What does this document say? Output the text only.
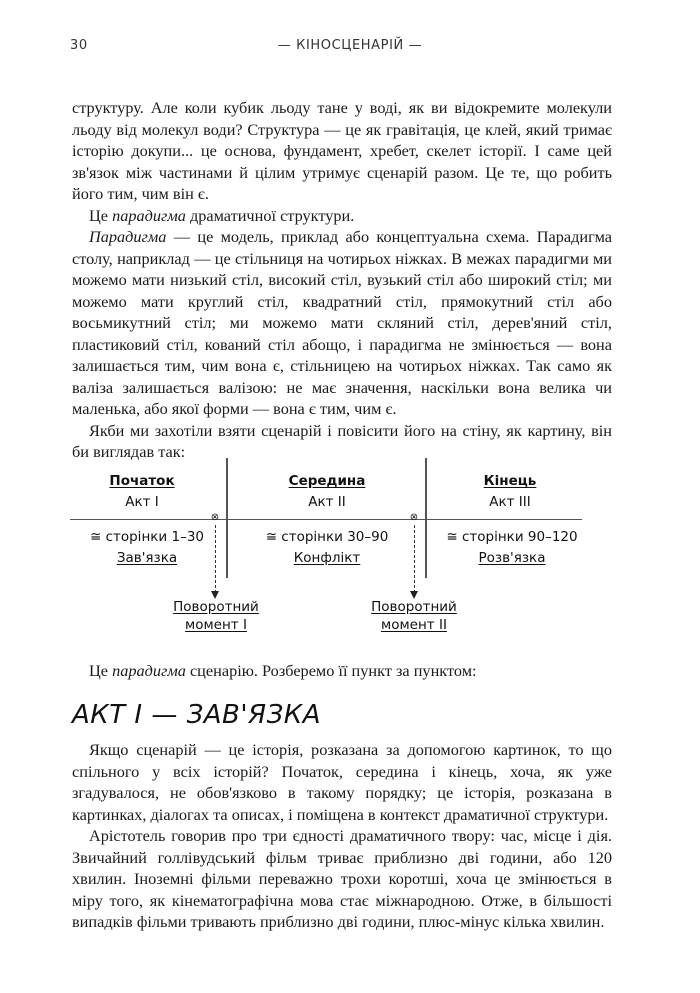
30	— КІНОСЦЕНАРІЙ —

структуру. Але коли кубик льоду тане у воді, як ви відокремите молекули льоду від молекул води? Структура — це як гравітація, це клей, який тримає історію докупи... це основа, фундамент, хребет, скелет історії. І саме цей зв'язок між частинами й цілим утримує сценарій разом. Це те, що робить його тим, чим він є.

Це парадигма драматичної структури.

Парадигма — це модель, приклад або концептуальна схема. Парадигма столу, наприклад — це стільниця на чотирьох ніжках. В межах парадигми ми можемо мати низький стіл, високий стіл, вузький стіл або широкий стіл; ми можемо мати круглий стіл, квадратний стіл, прямокутний стіл або восьмикутний стіл; ми можемо мати скляний стіл, дерев'яний стіл, пластиковий стіл, кований стіл абощо, і парадигма не змінюється — вона залишається тим, чим вона є, стільницею на чотирьох ніжках. Так само як валіза залишається валізою: не має значення, наскільки вона велика чи маленька, або якої форми — вона є тим, чим є.

Якби ми захотіли взяти сценарій і повісити його на стіну, як картину, він би виглядав так:

Початок
Акт І
Середина
Акт ІІ
Кінець
Акт ІІІ
≅ сторінки 1–30
Зав'язка
≅ сторінки 30–90
Конфлікт
≅ сторінки 90–120
Розв'язка
⊗
Поворотний
момент І
⊗
Поворотний
момент ІІ

Це парадигма сценарію. Розберемо її пункт за пунктом:

АКТ І — ЗАВ'ЯЗКА

Якщо сценарій — це історія, розказана за допомогою картинок, то що спільного у всіх історій? Початок, середина і кінець, хоча, як уже згадувалося, не обов'язково в такому порядку; це історія, розказана в картинках, діалогах та описах, і поміщена в контекст драматичної структури.

Арістотель говорив про три єдності драматичного твору: час, місце і дія. Звичайний голлівудський фільм триває приблизно дві години, або 120 хвилин. Іноземні фільми переважно трохи коротші, хоча це змінюється в міру того, як кінематографічна мова стає міжнародною. Отже, в більшості випадків фільми тривають приблизно дві години, плюс-мінус кілька хвилин.
